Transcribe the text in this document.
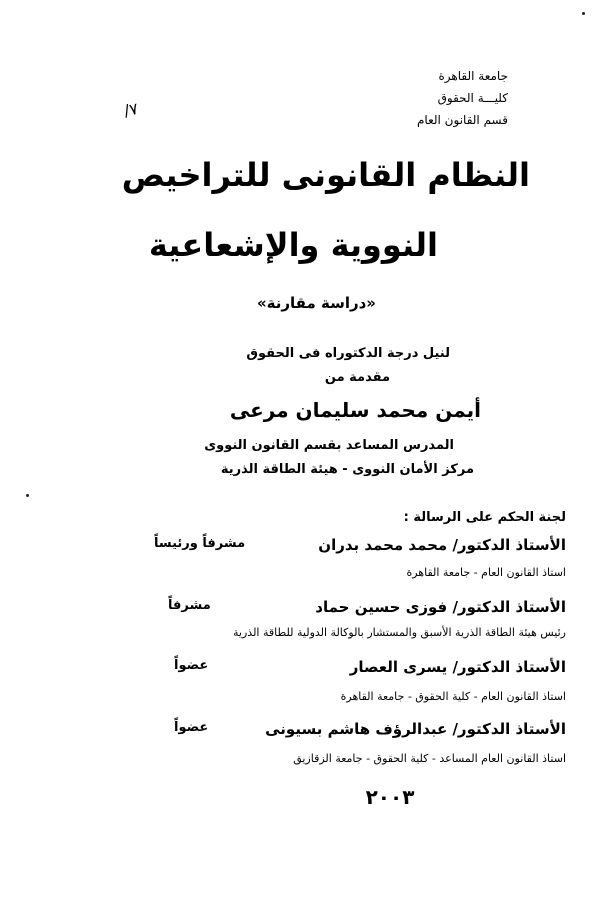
جامعة القاهرة
كليـــة الحقوق
قسم القانون العام
٧/
النظام القانونى للتراخيص
النووية والإشعاعية
«دراسة مقارنة»
لنيل درجة الدكتوراه فى الحقوق
مقدمة من
أيمن محمد سليمان مرعى
المدرس المساعد بقسم القانون النووى
مركز الأمان النووى - هيئة الطاقة الذرية
لجنة الحكم على الرسالة :
الأستاذ الدكتور/ محمد محمد بدران
مشرفاً ورئيساً
استاذ القانون العام - جامعة القاهرة
الأستاذ الدكتور/ فوزى حسين حماد
مشرفاً
رئيس هيئة الطاقة الذرية الأسبق والمستشار بالوكالة الدولية للطاقة الذرية
الأستاذ الدكتور/ يسرى العصار
عضواً
استاذ القانون العام - كلية الحقوق - جامعة القاهرة
الأستاذ الدكتور/ عبدالرؤف هاشم بسيونى
عضواً
استاذ القانون العام المساعد - كلية الحقوق - جامعة الزقازيق
٢٠٠٣
